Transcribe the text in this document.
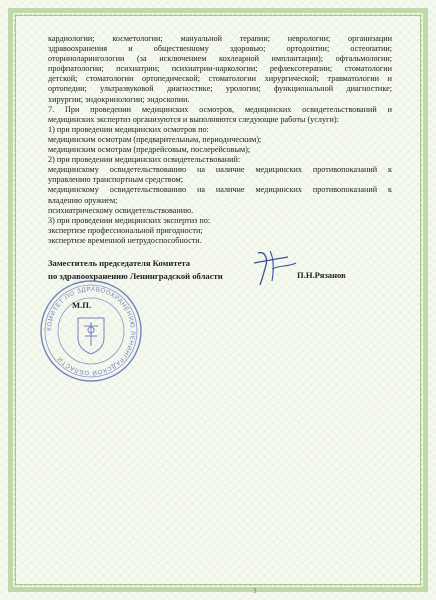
кардиологии; косметологии; мануальной терапии; неврологии; организации

здравоохранения и общественному здоровью; ортодонтии; остеопатии;

оториноларингологии (за исключением кохлеарной имплантации); офтальмологии;

профпатологии; психиатрии; психиатрии-наркологии; рефлексотерапии; стоматологии

детской; стоматологии ортопедической; стоматологии хирургической; травматологии и

ортопедии; ультразвуковой диагностике; урологии; функциональной диагностике;

хирургии; эндокринологии; эндоскопии.

7. При проведении медицинских осмотров, медицинских освидетельствований и

медицинских экспертиз организуются и выполняются следующие работы (услуги):

1) при проведении медицинских осмотров по:

медицинским осмотрам (предварительным, периодическим);

медицинским осмотрам (предрейсовым, послерейсовым);

2) при проведении медицинских освидетельствований:

медицинскому освидетельствованию на наличие медицинских противопоказаний к

управлению транспортным средством;

медицинскому освидетельствованию на наличие медицинских противопоказаний к

владению оружием;

психиатрическому освидетельствованию.

3) при проведении медицинских экспертиз по:

экспертизе профессиональной пригодности;

экспертизе временной нетрудоспособности.

Заместитель председателя Комитета
по здравоохранению Ленинградской области	П.Н.Рязанов
КОМИТЕТ ПО ЗДРАВООХРАНЕНИЮ ЛЕНИНГРАДСКОЙ ОБЛАСТИ
М.П.
3
